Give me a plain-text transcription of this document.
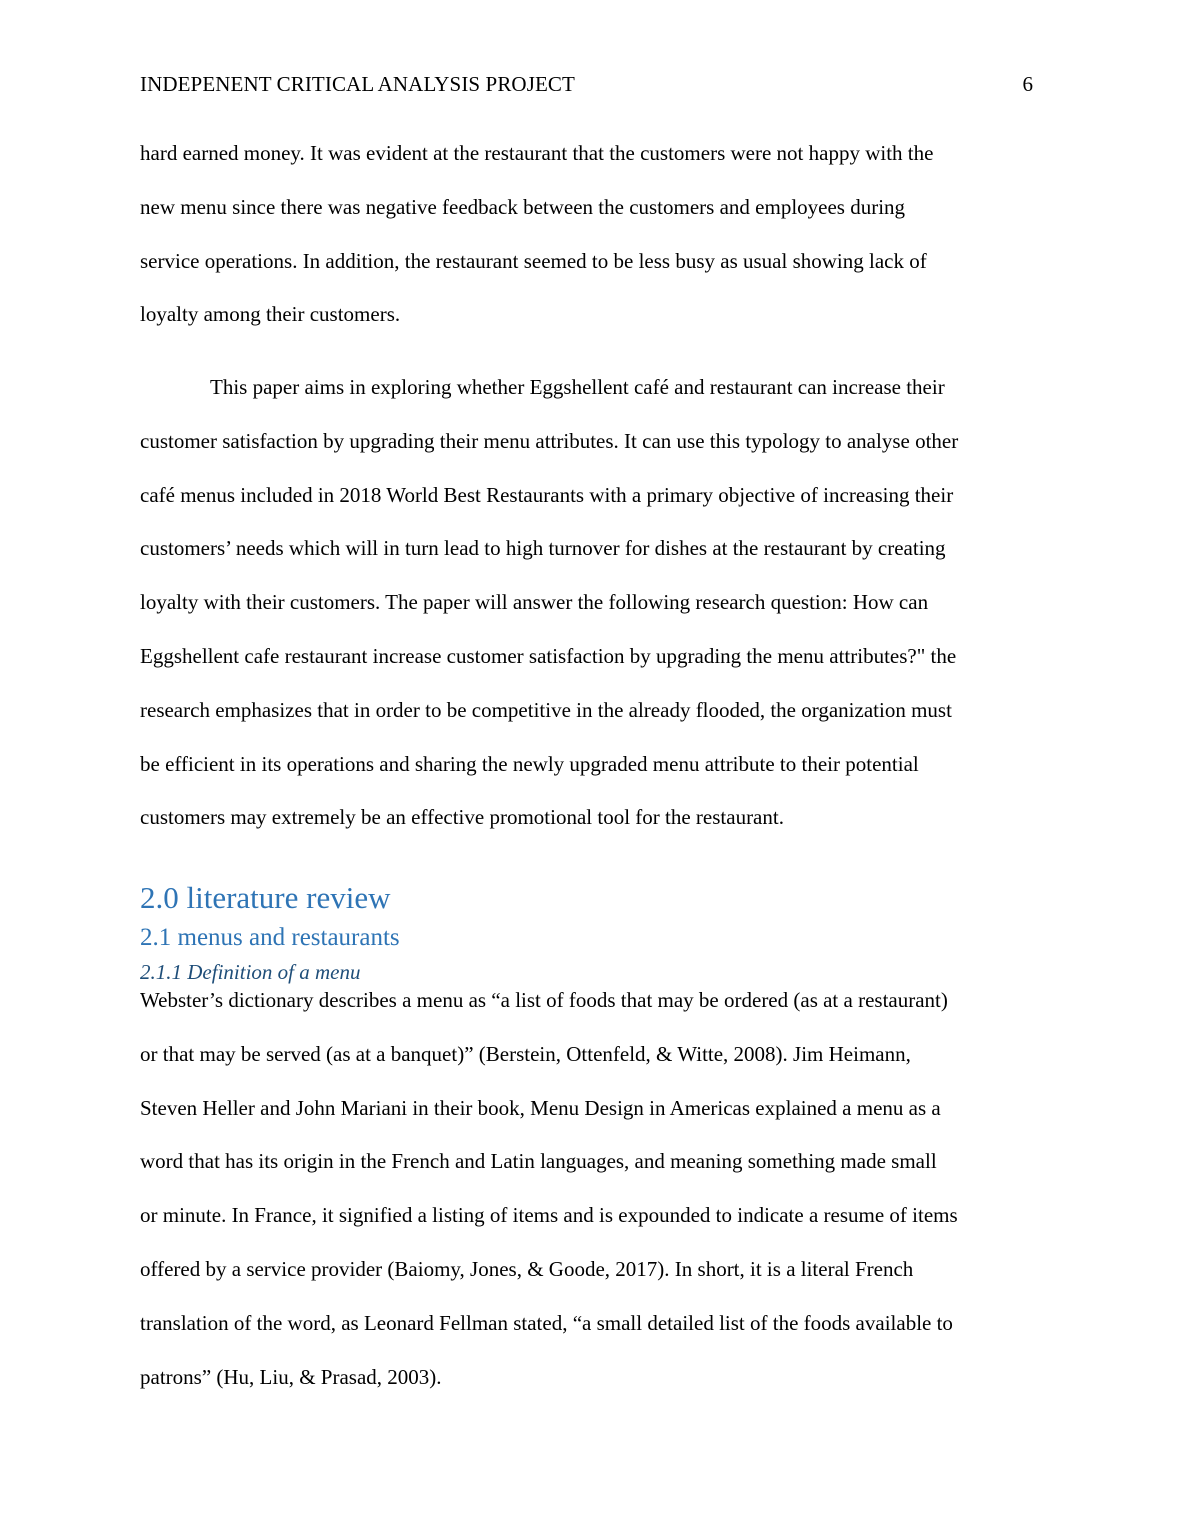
INDEPENENT CRITICAL ANALYSIS PROJECT	6
hard earned money. It was evident at the restaurant that the customers were not happy with the
new menu since there was negative feedback between the customers and employees during
service operations. In addition, the restaurant seemed to be less busy as usual showing lack of
loyalty among their customers.
This paper aims in exploring whether Eggshellent café and restaurant can increase their
customer satisfaction by upgrading their menu attributes. It can use this typology to analyse other
café menus included in 2018 World Best Restaurants with a primary objective of increasing their
customers’ needs which will in turn lead to high turnover for dishes at the restaurant by creating
loyalty with their customers. The paper will answer the following research question: How can
Eggshellent cafe restaurant increase customer satisfaction by upgrading the menu attributes?" the
research emphasizes that in order to be competitive in the already flooded, the organization must
be efficient in its operations and sharing the newly upgraded menu attribute to their potential
customers may extremely be an effective promotional tool for the restaurant.
2.0 literature review
2.1 menus and restaurants
2.1.1 Definition of a menu
Webster’s dictionary describes a menu as “a list of foods that may be ordered (as at a restaurant)
or that may be served (as at a banquet)” (Berstein, Ottenfeld, & Witte, 2008). Jim Heimann,
Steven Heller and John Mariani in their book, Menu Design in Americas explained a menu as a
word that has its origin in the French and Latin languages, and meaning something made small
or minute. In France, it signified a listing of items and is expounded to indicate a resume of items
offered by a service provider (Baiomy, Jones, & Goode, 2017). In short, it is a literal French
translation of the word, as Leonard Fellman stated, “a small detailed list of the foods available to
patrons” (Hu, Liu, & Prasad, 2003).
